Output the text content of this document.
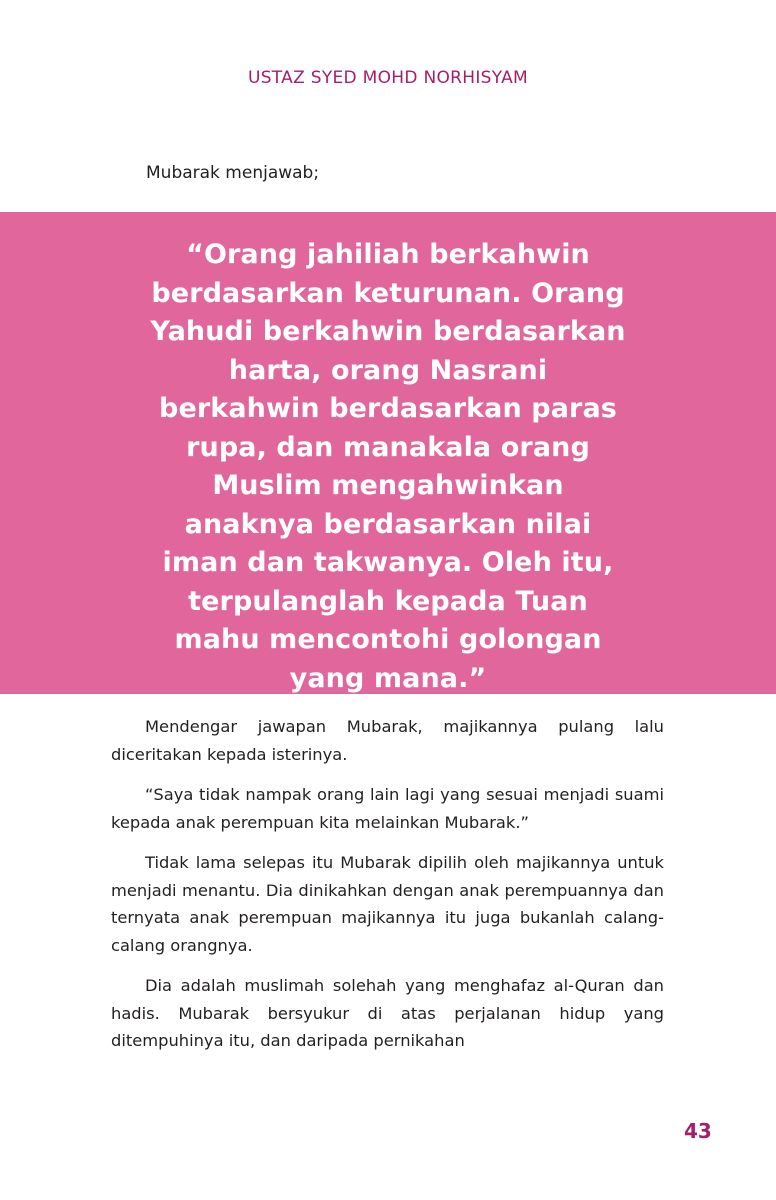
USTAZ SYED MOHD NORHISYAM
Mubarak menjawab;

“Orang jahiliah berkahwin berdasarkan keturunan. Orang Yahudi berkahwin berdasarkan harta, orang Nasrani berkahwin berdasarkan paras rupa, dan manakala orang Muslim mengahwinkan anaknya berdasarkan nilai iman dan takwanya. Oleh itu, terpulanglah kepada Tuan mahu mencontohi golongan yang mana.”

Mendengar jawapan Mubarak, majikannya pulang lalu diceritakan kepada isterinya.

“Saya tidak nampak orang lain lagi yang sesuai menjadi suami kepada anak perempuan kita melainkan Mubarak.”

Tidak lama selepas itu Mubarak dipilih oleh majikannya untuk menjadi menantu. Dia dinikahkan dengan anak perempuannya dan ternyata anak perempuan majikannya itu juga bukanlah calang-calang orangnya.

Dia adalah muslimah solehah yang menghafaz al-Quran dan hadis. Mubarak bersyukur di atas perjalanan hidup yang ditempuhinya itu, dan daripada pernikahan

43
